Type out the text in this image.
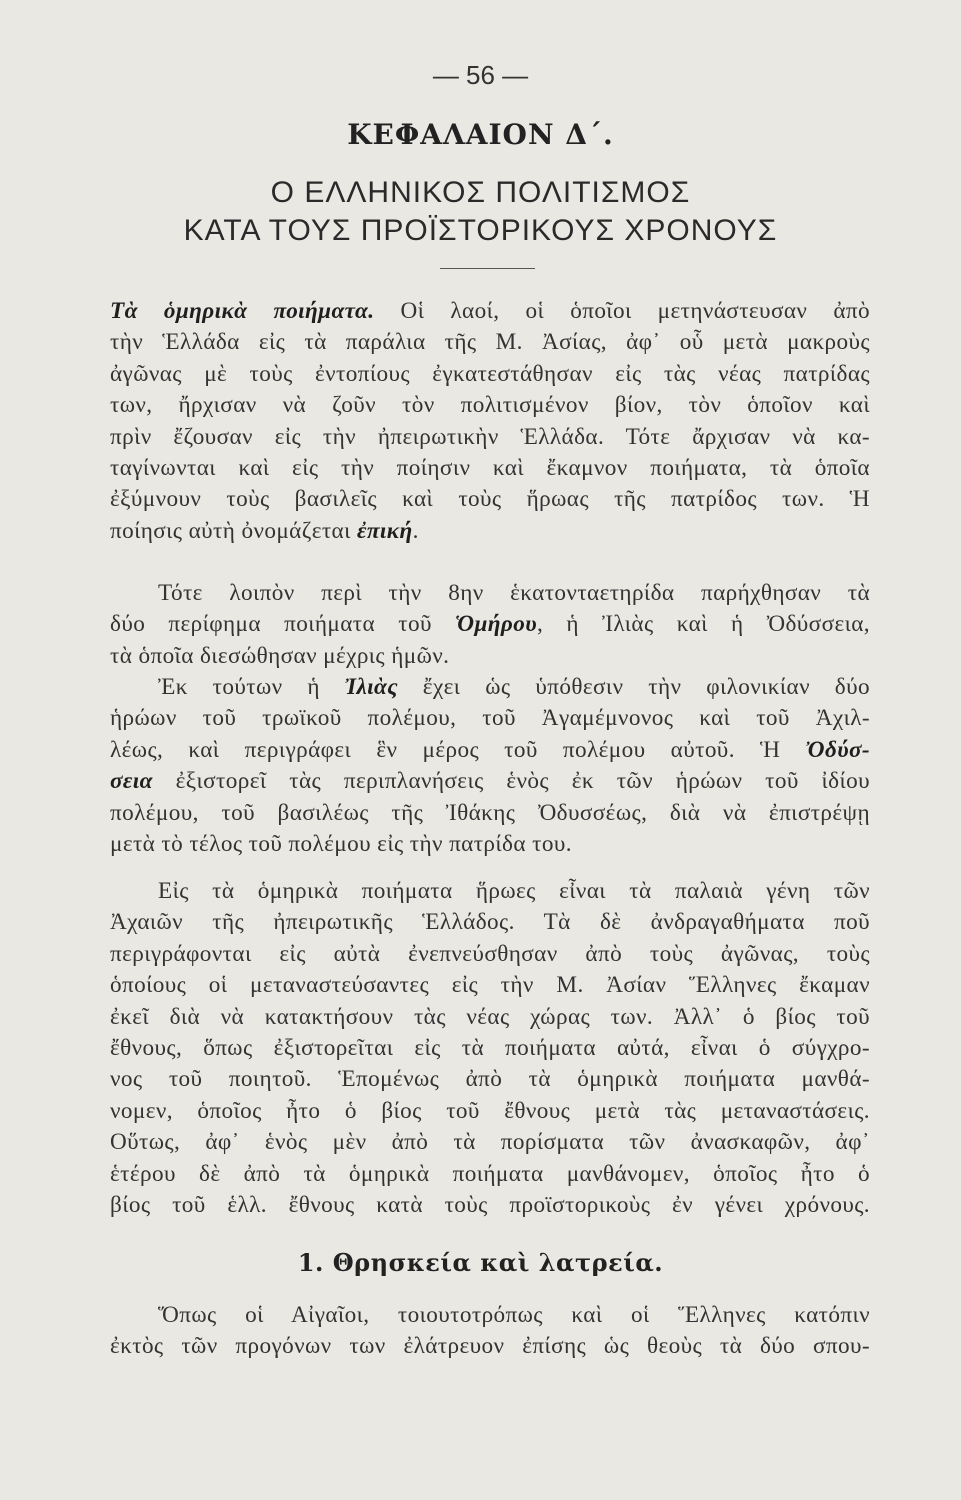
— 56 —
ΚΕΦΑΛΑΙΟΝ Δ΄.
Ο ΕΛΛΗΝΙΚΟΣ ΠΟΛΙΤΙΣΜΟΣ
ΚΑΤΑ ΤΟΥΣ ΠΡΟΪΣΤΟΡΙΚΟΥΣ ΧΡΟΝΟΥΣ
Τὰ ὁμηρικὰ ποιήματα. Οἱ λαοί, οἱ ὁποῖοι μετηνάστευσαν ἀπὸ
τὴν Ἑλλάδα εἰς τὰ παράλια τῆς Μ. Ἀσίας, ἀφ᾽ οὗ μετὰ μακροὺς
ἀγῶνας μὲ τοὺς ἐντοπίους ἐγκατεστάθησαν εἰς τὰς νέας πατρίδας
των, ἤρχισαν νὰ ζοῦν τὸν πολιτισμένον βίον, τὸν ὁποῖον καὶ
πρὶν ἔζουσαν εἰς τὴν ἠπειρωτικὴν Ἑλλάδα. Τότε ἄρχισαν νὰ κα-
ταγίνωνται καὶ εἰς τὴν ποίησιν καὶ ἔκαμνον ποιήματα, τὰ ὁποῖα
ἐξύμνουν τοὺς βασιλεῖς καὶ τοὺς ἥρωας τῆς πατρίδος των. Ἡ
ποίησις αὐτὴ ὀνομάζεται ἐπική.
Τότε λοιπὸν περὶ τὴν 8ην ἑκατονταετηρίδα παρήχθησαν τὰ
δύο περίφημα ποιήματα τοῦ Ὁμήρου, ἡ Ἰλιὰς καὶ ἡ Ὀδύσσεια,
τὰ ὁποῖα διεσώθησαν μέχρις ἡμῶν.
Ἐκ τούτων ἡ Ἰλιὰς ἔχει ὡς ὑπόθεσιν τὴν φιλονικίαν δύο
ἡρώων τοῦ τρωϊκοῦ πολέμου, τοῦ Ἀγαμέμνονος καὶ τοῦ Ἀχιλ-
λέως, καὶ περιγράφει ἓν μέρος τοῦ πολέμου αὐτοῦ. Ἡ Ὀδύσ-
σεια ἐξιστορεῖ τὰς περιπλανήσεις ἑνὸς ἐκ τῶν ἡρώων τοῦ ἰδίου
πολέμου, τοῦ βασιλέως τῆς Ἰθάκης Ὀδυσσέως, διὰ νὰ ἐπιστρέψῃ
μετὰ τὸ τέλος τοῦ πολέμου εἰς τὴν πατρίδα του.
Εἰς τὰ ὁμηρικὰ ποιήματα ἥρωες εἶναι τὰ παλαιὰ γένη τῶν
Ἀχαιῶν τῆς ἠπειρωτικῆς Ἑλλάδος. Τὰ δὲ ἀνδραγαθήματα ποῦ
περιγράφονται εἰς αὐτὰ ἐνεπνεύσθησαν ἀπὸ τοὺς ἀγῶνας, τοὺς
ὁποίους οἱ μεταναστεύσαντες εἰς τὴν Μ. Ἀσίαν Ἕλληνες ἔκαμαν
ἐκεῖ διὰ νὰ κατακτήσουν τὰς νέας χώρας των. Ἀλλ᾽ ὁ βίος τοῦ
ἔθνους, ὅπως ἐξιστορεῖται εἰς τὰ ποιήματα αὐτά, εἶναι ὁ σύγχρο-
νος τοῦ ποιητοῦ. Ἑπομένως ἀπὸ τὰ ὁμηρικὰ ποιήματα μανθά-
νομεν, ὁποῖος ἦτο ὁ βίος τοῦ ἔθνους μετὰ τὰς μεταναστάσεις.
Οὕτως, ἀφ᾽ ἑνὸς μὲν ἀπὸ τὰ πορίσματα τῶν ἀνασκαφῶν, ἀφ᾽
ἑτέρου δὲ ἀπὸ τὰ ὁμηρικὰ ποιήματα μανθάνομεν, ὁποῖος ἦτο ὁ
βίος τοῦ ἑλλ. ἔθνους κατὰ τοὺς προϊστορικοὺς ἐν γένει χρόνους.
1. Θρησκεία καὶ λατρεία.
Ὅπως οἱ Αἰγαῖοι, τοιουτοτρόπως καὶ οἱ Ἕλληνες κατόπιν
ἐκτὸς τῶν προγόνων των ἐλάτρευον ἐπίσης ὡς θεοὺς τὰ δύο σπου-
